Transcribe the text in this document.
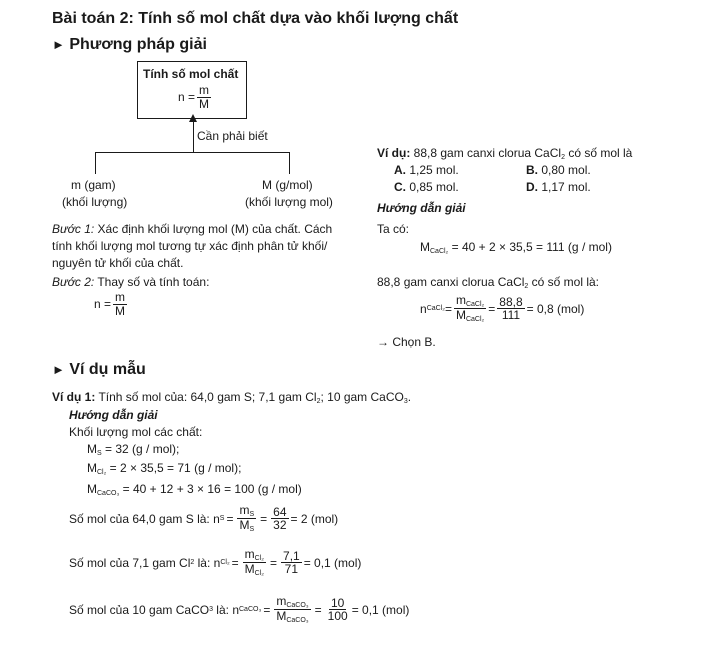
Bài toán 2: Tính số mol chất dựa vào khối lượng chất
► Phương pháp giải
Tính số mol chất
$n = \frac{m}{M}$
Cần phải biết
m (gam)
(khối lượng)
M (g/mol)
(khối lượng mol)
Bước 1: Xác định khối lượng mol (M) của chất. Cách
tính khối lượng mol tương tự xác định phân tử khối/
nguyên tử khối của chất.
Bước 2: Thay số và tính toán:
$n = \frac{m}{M}$
Ví dụ: 88,8 gam canxi clorua CaCl$_2$ có số mol là
A. 1,25 mol.	B. 0,80 mol.
C. 0,85 mol.	D. 1,17 mol.
Hướng dẫn giải
Ta có:
$M_{CaCl_2} = 40 + 2 \times 35,5 = 111$ (g / mol)
88,8 gam canxi clorua CaCl$_2$ có số mol là:
n CaCl₂ = $\frac{m_{CaCl_2}}{M_{CaCl_2}} = \frac{88,8}{111} = 0,8$ (mol)
→ Chọn B.
► Ví dụ mẫu
Ví dụ 1: Tính số mol của: 64,0 gam S; 7,1 gam $Cl_2$; 10 gam CaCO$_3$.
Hướng dẫn giải
Khối lượng mol các chất:
$M_S = 32$ (g / mol);
$M_{Cl_2} = 2 \times 35,5 = 71$ (g / mol);
$M_{CaCO_3} = 40 + 12 + 3 \times 16 = 100$ (g / mol)
Số mol của 64,0 gam S là: n $S = \frac{m_S}{M_S} = \frac{64}{32} = 2$ (mol)
Số mol của 7,1 gam Cl 2 là: n $Cl_2 = \frac{m_{Cl_2}}{M_{Cl_2}} = \frac{7,1}{71} = 0,1$ (mol)
Số mol của 10 gam CaCO 3 là: n CaCO₃ = $\frac{m_{CaCO_3}}{M_{CaCO_3}} = \frac{10}{100} = 0,1$ (mol)
